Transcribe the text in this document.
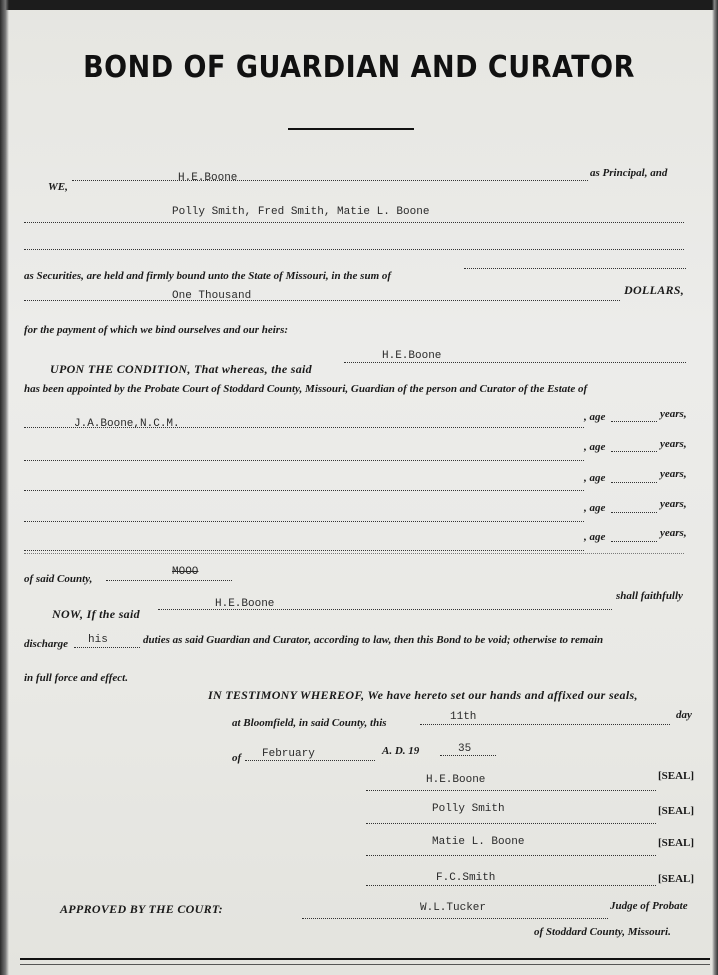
BOND OF GUARDIAN AND CURATOR
WE,
H.E.Boone	as Principal, and
Polly Smith, Fred Smith, Matie L. Boone
as Securities, are held and firmly bound unto the State of Missouri, in the sum of
One Thousand	DOLLARS,
for the payment of which we bind ourselves and our heirs:
UPON THE CONDITION, That whereas, the said
H.E.Boone
has been appointed by the Probate Court of Stoddard County, Missouri, Guardian of the person and Curator of the Estate of
J.A.Boone,N.C.M.
, age	years,
, age	years,
, age	years,
, age	years,
, age	years,
of said County,
MOOO
NOW, If the said
H.E.Boone
shall faithfully
discharge his	duties as said Guardian and Curator, according to law, then this Bond to be void; otherwise to remain
in full force and effect.
IN TESTIMONY WHEREOF, We have hereto set our hands and affixed our seals,
at Bloomfield, in said County, this	11th	day
of February	A. D. 19	35
H.E.Boone	[SEAL]
Polly Smith	[SEAL]
Matie L. Boone	[SEAL]
F.C.Smith	[SEAL]
APPROVED BY THE COURT:	W.L.Tucker	Judge of Probate
of Stoddard County, Missouri.
